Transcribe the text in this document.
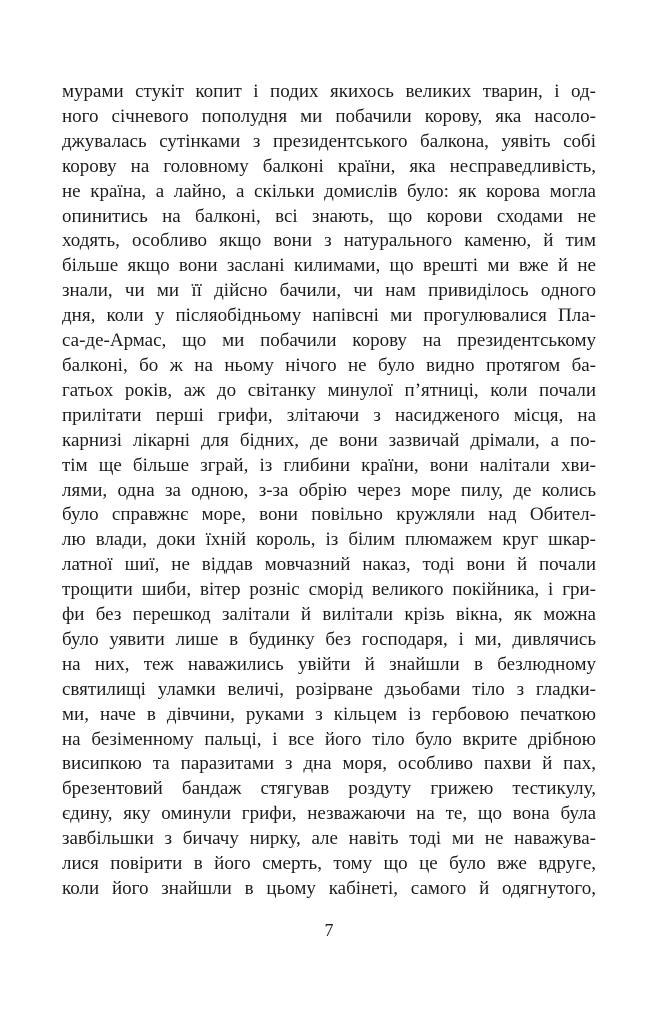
мурами стукіт копит і подих якихось великих тварин, і од-
ного січневого пополудня ми побачили корову, яка насоло-
джувалась сутінками з президентського балкона, уявіть собі
корову на головному балконі країни, яка несправедливість,
не країна, а лайно, а скільки домислів було: як корова могла
опинитись на балконі, всі знають, що корови сходами не
ходять, особливо якщо вони з натурального каменю, й тим
більше якщо вони заслані килимами, що врешті ми вже й не
знали, чи ми її дійсно бачили, чи нам привиділось одного
дня, коли у післяобідньому напівсні ми прогулювалися Пла-
са-де-Армас, що ми побачили корову на президентському
балконі, бо ж на ньому нічого не було видно протягом ба-
гатьох років, аж до світанку минулої п’ятниці, коли почали
прилітати перші грифи, злітаючи з насидженого місця, на
карнизі лікарні для бідних, де вони зазвичай дрімали, а по-
тім ще більше зграй, із глибини країни, вони налітали хви-
лями, одна за одною, з-за обрію через море пилу, де колись
було справжнє море, вони повільно кружляли над Обител-
лю влади, доки їхній король, із білим плюмажем круг шкар-
латної шиї, не віддав мовчазний наказ, тоді вони й почали
трощити шиби, вітер розніс сморід великого покійника, і гри-
фи без перешкод залітали й вилітали крізь вікна, як можна
було уявити лише в будинку без господаря, і ми, дивлячись
на них, теж наважились увійти й знайшли в безлюдному
святилищі уламки величі, розірване дзьобами тіло з гладки-
ми, наче в дівчини, руками з кільцем із гербовою печаткою
на безіменному пальці, і все його тіло було вкрите дрібною
висипкою та паразитами з дна моря, особливо пахви й пах,
брезентовий бандаж стягував роздуту грижею тестикулу,
єдину, яку оминули грифи, незважаючи на те, що вона була
завбільшки з бичачу нирку, але навіть тоді ми не наважува-
лися повірити в його смерть, тому що це було вже вдруге,
коли його знайшли в цьому кабінеті, самого й одягнутого,
7
